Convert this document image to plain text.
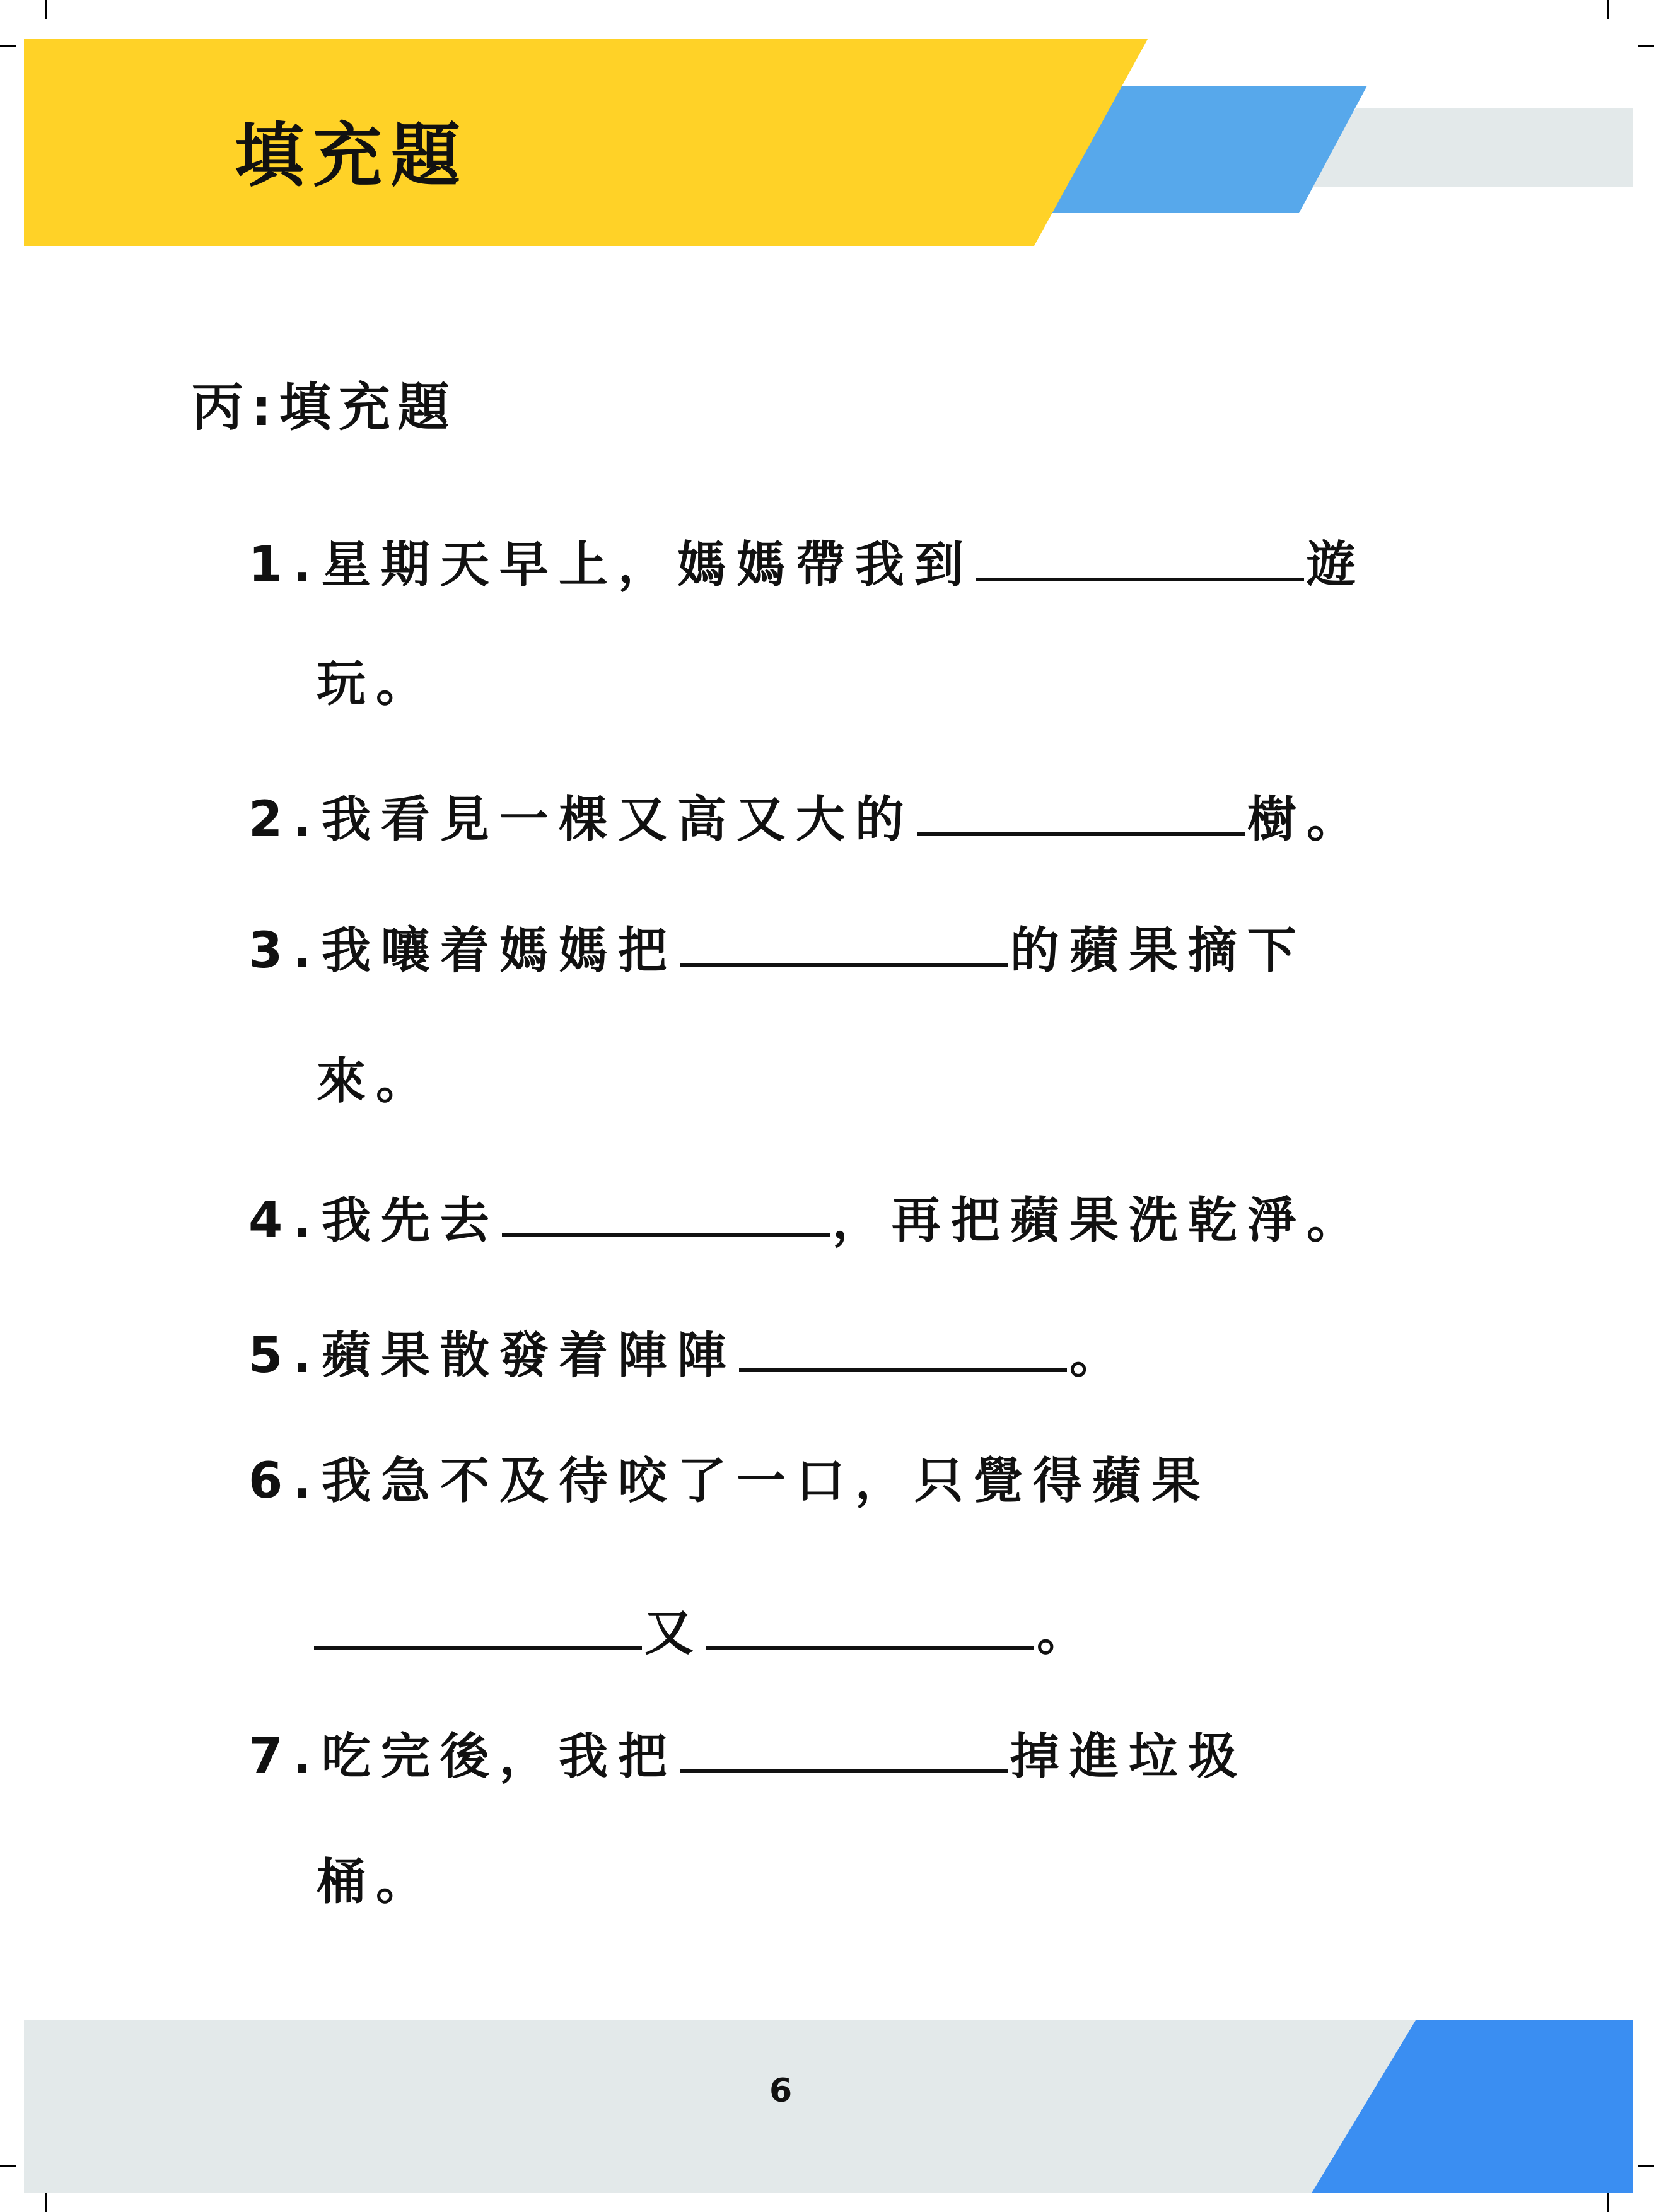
填充題
丙:填充題
1.星期天早上，媽媽帶我到	遊
玩。
2.我看見一棵又高又大的	樹。
3.我嚷着媽媽把	的蘋果摘下
來。
4.我先去	，再把蘋果洗乾淨。
5.蘋果散發着陣陣	。
6.我急不及待咬了一口，只覺得蘋果
又	。
7.吃完後，我把	掉進垃圾
桶。
6
